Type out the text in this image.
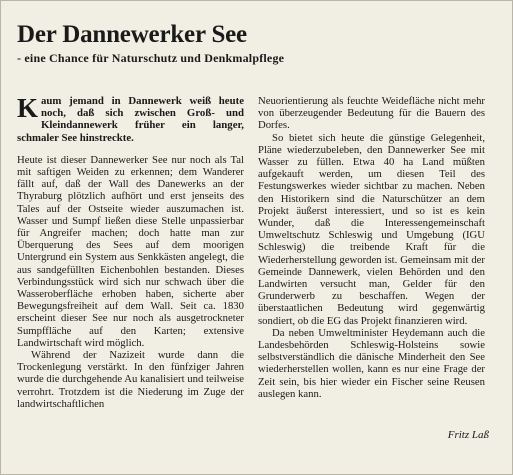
Der Dannewerker See
- eine Chance für Naturschutz und Denkmalpflege

Kaum jemand in Dannewerk weiß heute noch, daß sich zwischen Groß- und Kleindannewerk früher ein langer, schmaler See hinstreckte.

Heute ist dieser Dannewerker See nur noch als Tal mit saftigen Weiden zu erkennen; dem Wanderer fällt auf, daß der Wall des Danewerks an der Thyraburg plötzlich aufhört und erst jenseits des Tales auf der Ostseite wieder auszumachen ist. Wasser und Sumpf ließen diese Stelle unpassierbar für Angreifer machen; doch hatte man zur Überquerung des Sees auf dem moorigen Untergrund ein System aus Senkkästen angelegt, die aus sandgefüllten Eichenbohlen bestanden. Dieses Verbindungsstück wird sich nur schwach über die Wasseroberfläche erhoben haben, sicherte aber Bewegungsfreiheit auf dem Wall. Seit ca. 1830 erscheint dieser See nur noch als ausgetrockneter Sumpffläche auf den Karten; extensive Landwirtschaft wird möglich.

Während der Nazizeit wurde dann die Trockenlegung verstärkt. In den fünfziger Jahren wurde die durchgehende Au kanalisiert und teilweise verrohrt. Trotzdem ist die Niederung im Zuge der landwirtschaftlichen

Neuorientierung als feuchte Weidefläche nicht mehr von überzeugender Bedeutung für die Bauern des Dorfes.

So bietet sich heute die günstige Gelegenheit, Pläne wiederzubeleben, den Dannewerker See mit Wasser zu füllen. Etwa 40 ha Land müßten aufgekauft werden, um diesen Teil des Festungswerkes wieder sichtbar zu machen. Neben den Historikern sind die Naturschützer an dem Projekt äußerst interessiert, und so ist es kein Wunder, daß die Interessengemeinschaft Umweltschutz Schleswig und Umgebung (IGU Schleswig) die treibende Kraft für die Wiederherstellung geworden ist. Gemeinsam mit der Gemeinde Dannewerk, vielen Behörden und den Landwirten versucht man, Gelder für den Grunderwerb zu beschaffen. Wegen der überstaatlichen Bedeutung wird gegenwärtig sondiert, ob die EG das Projekt finanzieren wird.

Da neben Umweltminister Heydemann auch die Landesbehörden Schleswig-Holsteins sowie selbstverständlich die dänische Minderheit den See wiederherstellen wollen, kann es nur eine Frage der Zeit sein, bis hier wieder ein Fischer seine Reusen auslegen kann.

Fritz Laß
